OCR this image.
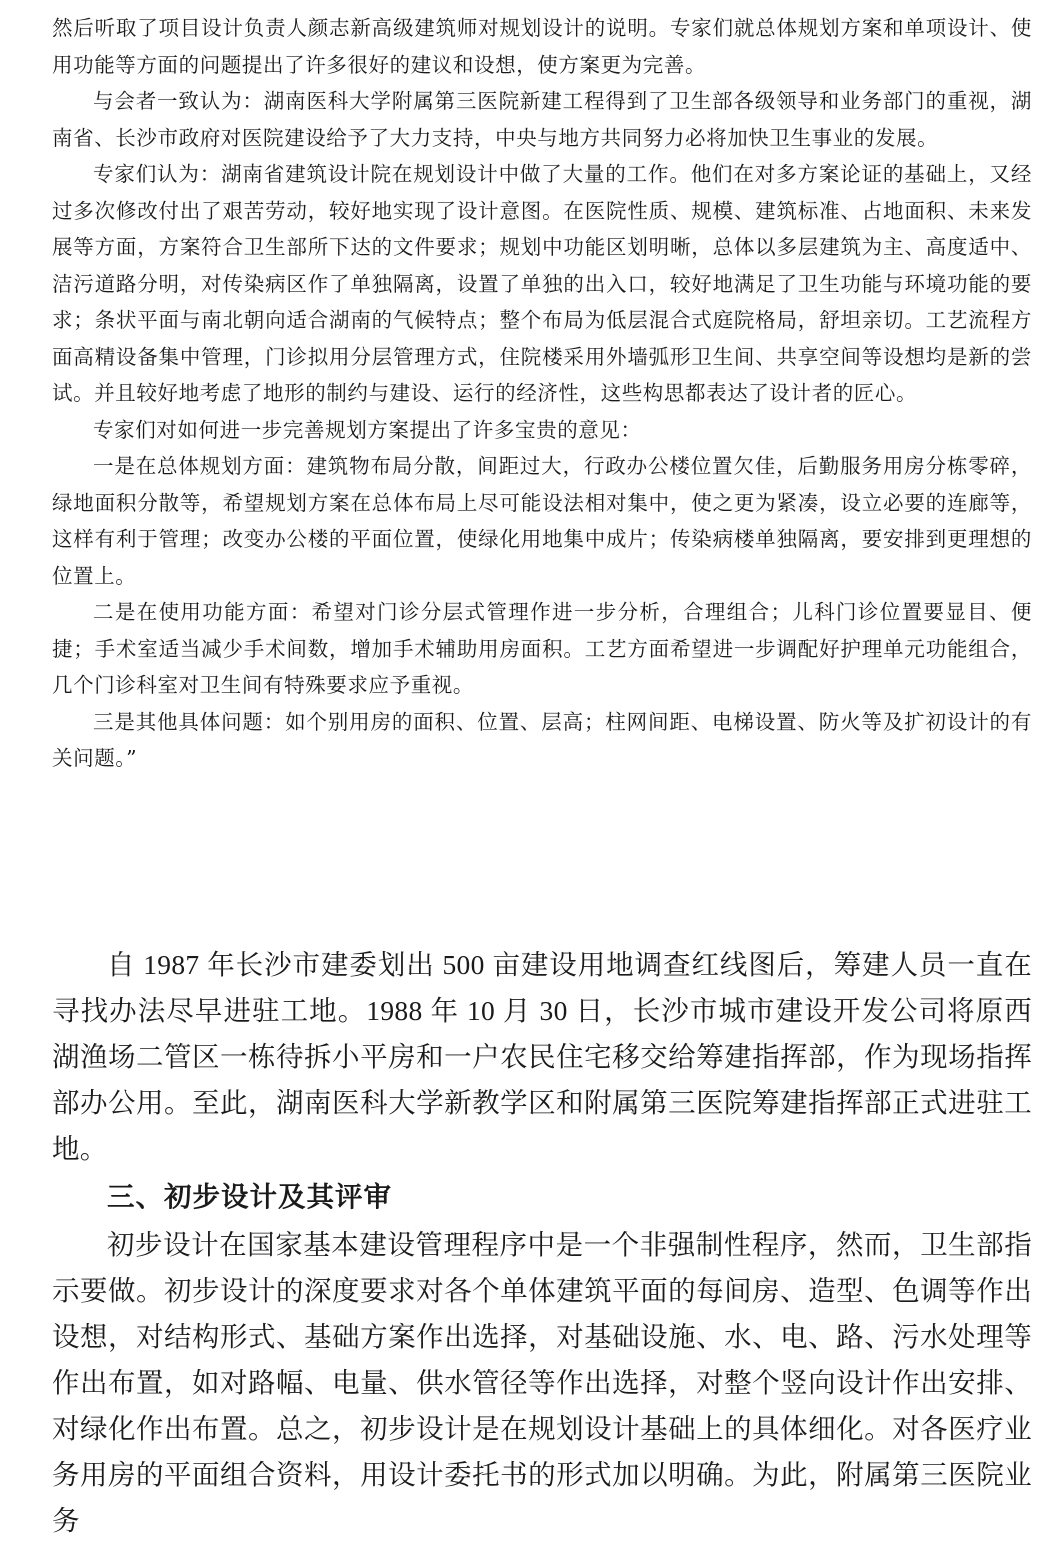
然后听取了项目设计负责人颜志新高级建筑师对规划设计的说明。专家们就总体规划方案和单项设计、使用功能等方面的问题提出了许多很好的建议和设想，使方案更为完善。

与会者一致认为：湖南医科大学附属第三医院新建工程得到了卫生部各级领导和业务部门的重视，湖南省、长沙市政府对医院建设给予了大力支持，中央与地方共同努力必将加快卫生事业的发展。

专家们认为：湖南省建筑设计院在规划设计中做了大量的工作。他们在对多方案论证的基础上，又经过多次修改付出了艰苦劳动，较好地实现了设计意图。在医院性质、规模、建筑标准、占地面积、未来发展等方面，方案符合卫生部所下达的文件要求；规划中功能区划明晰，总体以多层建筑为主、高度适中、洁污道路分明，对传染病区作了单独隔离，设置了单独的出入口，较好地满足了卫生功能与环境功能的要求；条状平面与南北朝向适合湖南的气候特点；整个布局为低层混合式庭院格局，舒坦亲切。工艺流程方面高精设备集中管理，门诊拟用分层管理方式，住院楼采用外墙弧形卫生间、共享空间等设想均是新的尝试。并且较好地考虑了地形的制约与建设、运行的经济性，这些构思都表达了设计者的匠心。

专家们对如何进一步完善规划方案提出了许多宝贵的意见：

一是在总体规划方面：建筑物布局分散，间距过大，行政办公楼位置欠佳，后勤服务用房分栋零碎，绿地面积分散等，希望规划方案在总体布局上尽可能设法相对集中，使之更为紧凑，设立必要的连廊等，这样有利于管理；改变办公楼的平面位置，使绿化用地集中成片；传染病楼单独隔离，要安排到更理想的位置上。

二是在使用功能方面：希望对门诊分层式管理作进一步分析，合理组合；儿科门诊位置要显目、便捷；手术室适当减少手术间数，增加手术辅助用房面积。工艺方面希望进一步调配好护理单元功能组合，几个门诊科室对卫生间有特殊要求应予重视。

三是其他具体问题：如个别用房的面积、位置、层高；柱网间距、电梯设置、防火等及扩初设计的有关问题。”

自 1987 年长沙市建委划出 500 亩建设用地调查红线图后，筹建人员一直在寻找办法尽早进驻工地。1988 年 10 月 30 日，长沙市城市建设开发公司将原西湖渔场二管区一栋待拆小平房和一户农民住宅移交给筹建指挥部，作为现场指挥部办公用。至此，湖南医科大学新教学区和附属第三医院筹建指挥部正式进驻工地。

三、初步设计及其评审

初步设计在国家基本建设管理程序中是一个非强制性程序，然而，卫生部指示要做。初步设计的深度要求对各个单体建筑平面的每间房、造型、色调等作出设想，对结构形式、基础方案作出选择，对基础设施、水、电、路、污水处理等作出布置，如对路幅、电量、供水管径等作出选择，对整个竖向设计作出安排、对绿化作出布置。总之，初步设计是在规划设计基础上的具体细化。对各医疗业务用房的平面组合资料，用设计委托书的形式加以明确。为此，附属第三医院业务
